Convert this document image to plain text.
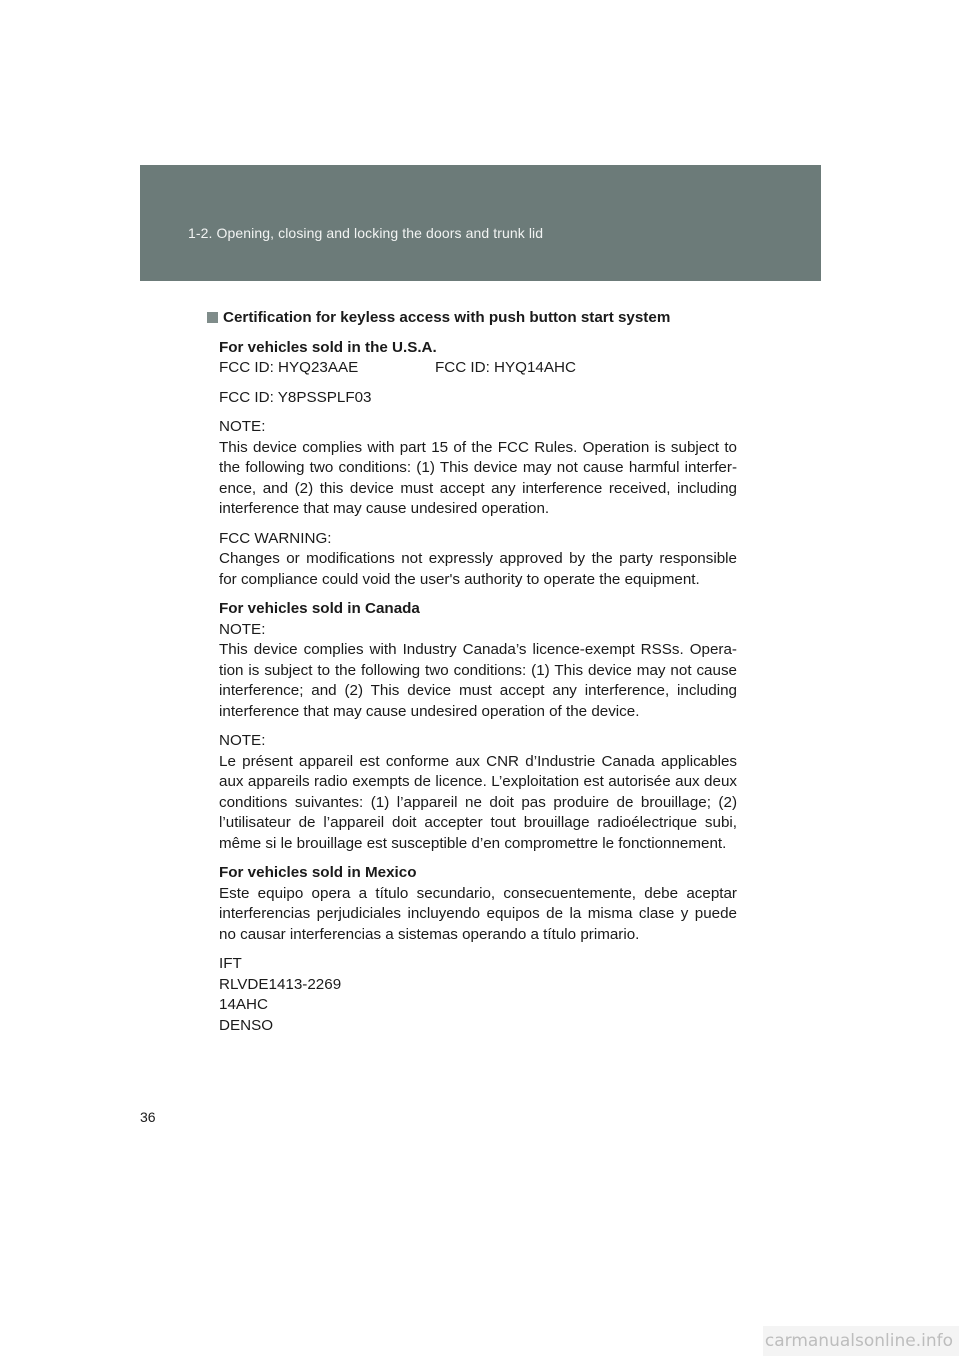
1-2. Opening, closing and locking the doors and trunk lid
Certification for keyless access with push button start system
For vehicles sold in the U.S.A.
FCC ID: HYQ23AAE	FCC ID: HYQ14AHC
FCC ID: Y8PSSPLF03
NOTE:
This device complies with part 15 of the FCC Rules. Operation is subject to the following two conditions: (1) This device may not cause harmful interfer-ence, and (2) this device must accept any interference received, including interference that may cause undesired operation.
FCC WARNING:
Changes or modifications not expressly approved by the party responsible for compliance could void the user's authority to operate the equipment.
For vehicles sold in Canada
NOTE:
This device complies with Industry Canada’s licence-exempt RSSs. Opera-tion is subject to the following two conditions: (1) This device may not cause interference; and (2) This device must accept any interference, including interference that may cause undesired operation of the device.
NOTE:
Le présent appareil est conforme aux CNR d’Industrie Canada applicables aux appareils radio exempts de licence. L’exploitation est autorisée aux deux conditions suivantes: (1) l’appareil ne doit pas produire de brouillage; (2) l’utilisateur de l’appareil doit accepter tout brouillage radioélectrique subi, même si le brouillage est susceptible d’en compromettre le fonctionnement.
For vehicles sold in Mexico
Este equipo opera a título secundario, consecuentemente, debe aceptar interferencias perjudiciales incluyendo equipos de la misma clase y puede no causar interferencias a sistemas operando a título primario.
IFT
RLVDE1413-2269
14AHC
DENSO
36
carmanualsonline.info
